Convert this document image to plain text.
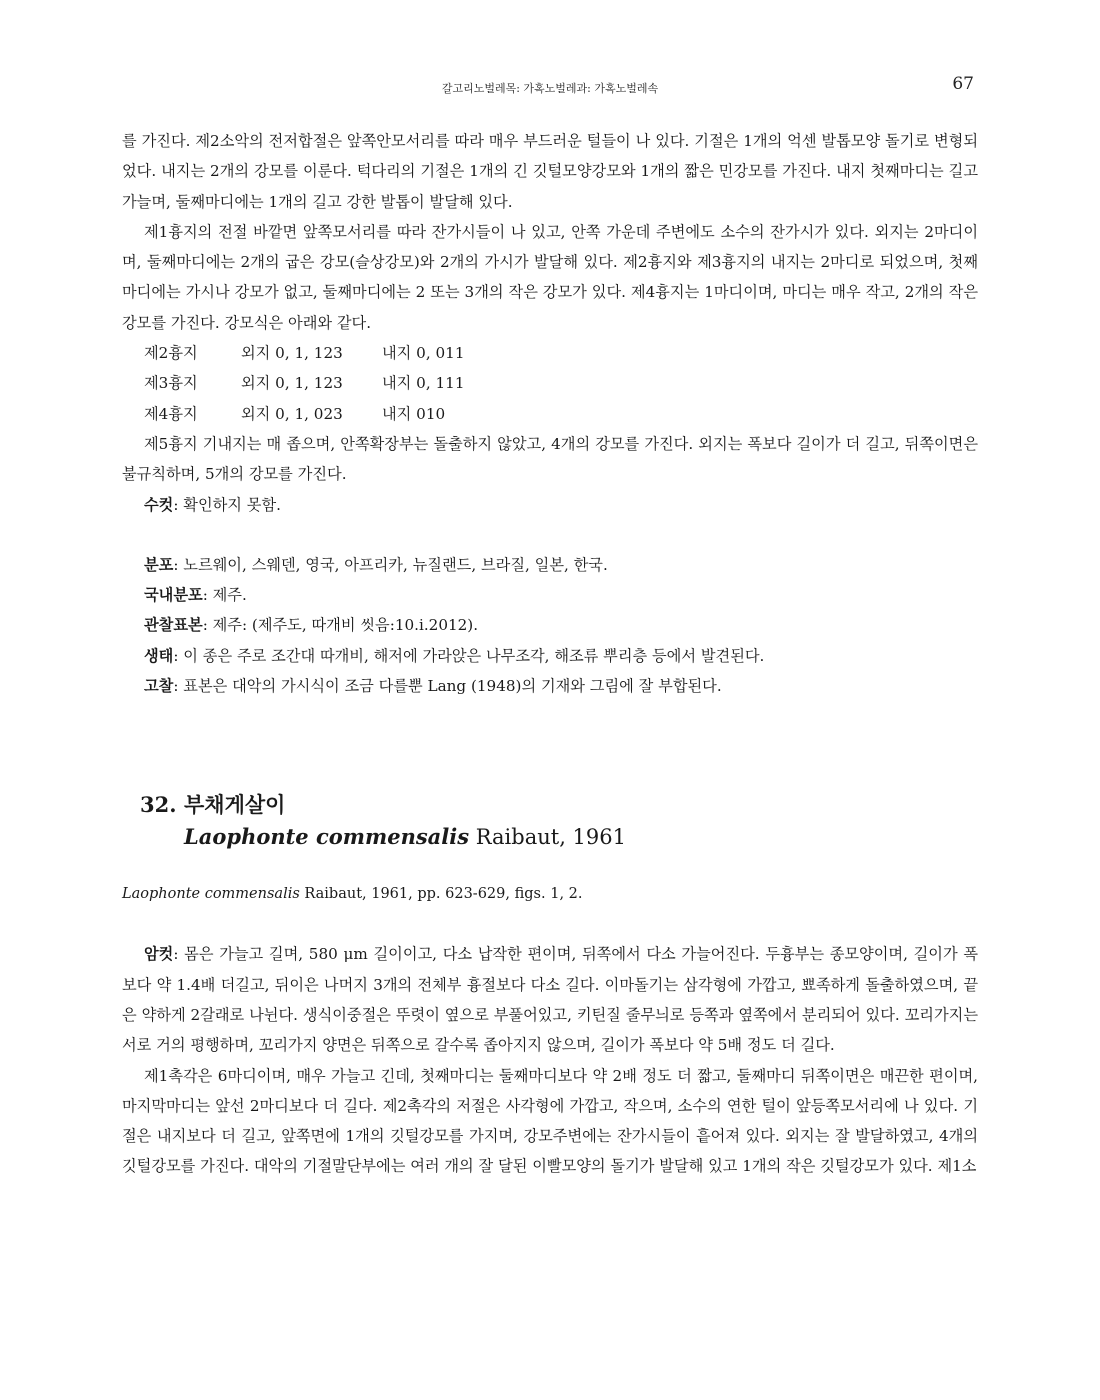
갈고리노벌레목: 가혹노벌레과: 가혹노벌레속	67

를 가진다. 제2소악의 전저합절은 앞쪽안모서리를 따라 매우 부드러운 털들이 나 있다. 기절은 1개의 억센 발톱모양 돌기로 변형되었다. 내지는 2개의 강모를 이룬다. 턱다리의 기절은 1개의 긴 깃털모양강모와 1개의 짧은 민강모를 가진다. 내지 첫째마디는 길고 가늘며, 둘째마디에는 1개의 길고 강한 발톱이 발달해 있다.

제1흉지의 전절 바깥면 앞쪽모서리를 따라 잔가시들이 나 있고, 안쪽 가운데 주변에도 소수의 잔가시가 있다. 외지는 2마디이며, 둘째마디에는 2개의 굽은 강모(슬상강모)와 2개의 가시가 발달해 있다. 제2흉지와 제3흉지의 내지는 2마디로 되었으며, 첫째마디에는 가시나 강모가 없고, 둘째마디에는 2 또는 3개의 작은 강모가 있다. 제4흉지는 1마디이며, 마디는 매우 작고, 2개의 작은 강모를 가진다. 강모식은 아래와 같다.

제2흉지	외지 0, 1, 123	내지 0, 011
제3흉지	외지 0, 1, 123	내지 0, 111
제4흉지	외지 0, 1, 023	내지 010

제5흉지 기내지는 매 좁으며, 안쪽확장부는 돌출하지 않았고, 4개의 강모를 가진다. 외지는 폭보다 길이가 더 길고, 뒤쪽이면은 불규칙하며, 5개의 강모를 가진다.

수컷: 확인하지 못함.

분포: 노르웨이, 스웨덴, 영국, 아프리카, 뉴질랜드, 브라질, 일본, 한국.

국내분포: 제주.

관찰표본: 제주: (제주도, 따개비 씻음:10.i.2012).

생태: 이 종은 주로 조간대 따개비, 해저에 가라앉은 나무조각, 해조류 뿌리층 등에서 발견된다.

고찰: 표본은 대악의 가시식이 조금 다를뿐 Lang (1948)의 기재와 그림에 잘 부합된다.

32. 부채게살이
Laophonte commensalis Raibaut, 1961

Laophonte commensalis Raibaut, 1961, pp. 623-629, figs. 1, 2.

암컷: 몸은 가늘고 길며, 580 μm 길이이고, 다소 납작한 편이며, 뒤쪽에서 다소 가늘어진다. 두흉부는 종모양이며, 길이가 폭보다 약 1.4배 더길고, 뒤이은 나머지 3개의 전체부 흉절보다 다소 길다. 이마돌기는 삼각형에 가깝고, 뾰족하게 돌출하였으며, 끝은 약하게 2갈래로 나뉜다. 생식이중절은 뚜렷이 옆으로 부풀어있고, 키틴질 줄무늬로 등쪽과 옆쪽에서 분리되어 있다. 꼬리가지는 서로 거의 평행하며, 꼬리가지 양면은 뒤쪽으로 갈수록 좁아지지 않으며, 길이가 폭보다 약 5배 정도 더 길다.

제1촉각은 6마디이며, 매우 가늘고 긴데, 첫째마디는 둘째마디보다 약 2배 정도 더 짧고, 둘째마디 뒤쪽이면은 매끈한 편이며, 마지막마디는 앞선 2마디보다 더 길다. 제2촉각의 저절은 사각형에 가깝고, 작으며, 소수의 연한 털이 앞등쪽모서리에 나 있다. 기절은 내지보다 더 길고, 앞쪽면에 1개의 깃털강모를 가지며, 강모주변에는 잔가시들이 흩어져 있다. 외지는 잘 발달하였고, 4개의 깃털강모를 가진다. 대악의 기절말단부에는 여러 개의 잘 달된 이빨모양의 돌기가 발달해 있고 1개의 작은 깃털강모가 있다. 제1소
